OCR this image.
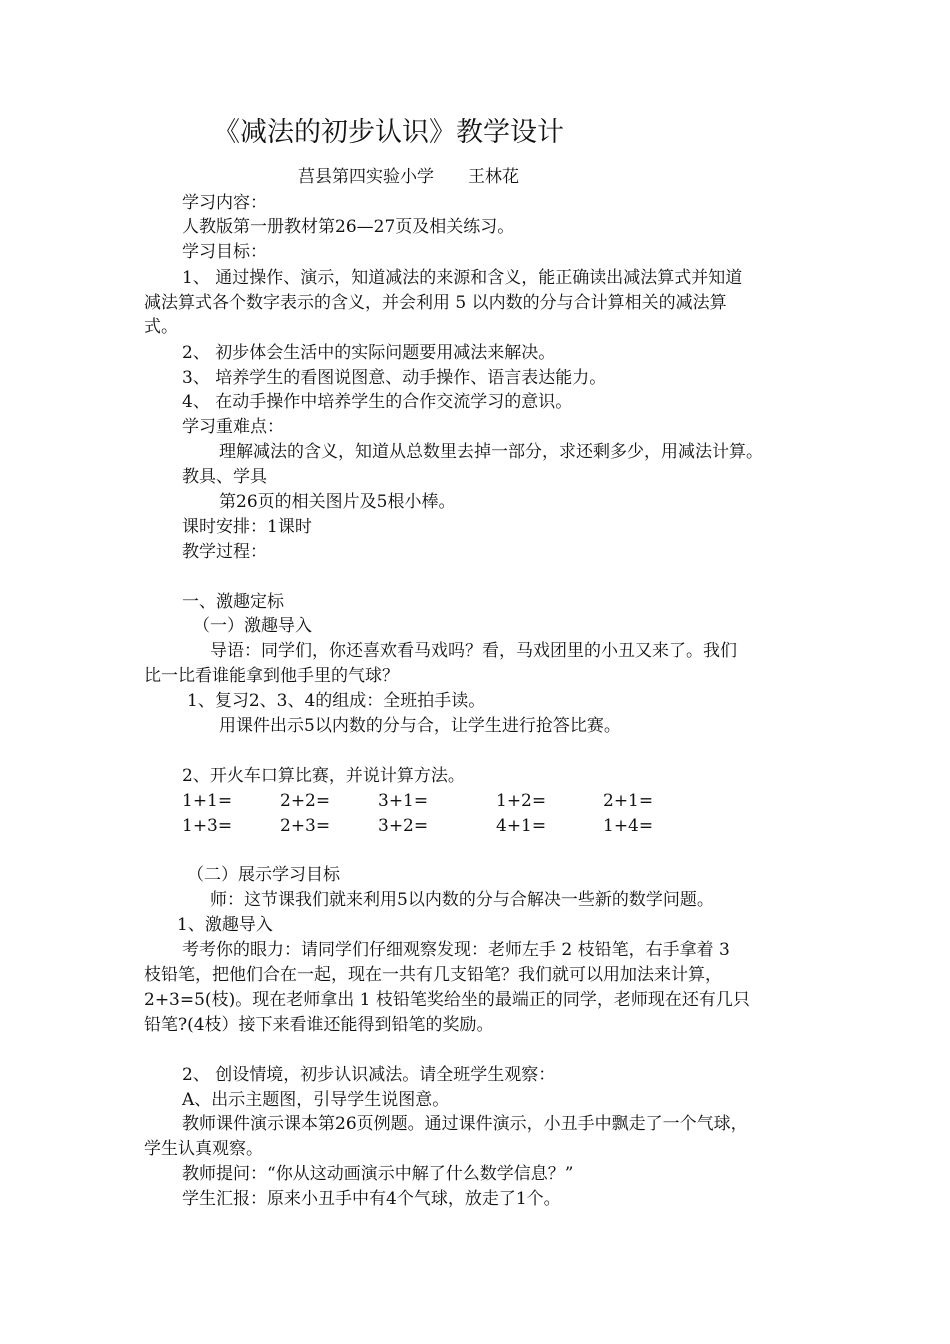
《减法的初步认识》教学设计
莒县第四实验小学　　王林花
学习内容：
人教版第一册教材第26—27页及相关练习。
学习目标：
1、 通过操作、演示，知道减法的来源和含义，能正确读出减法算式并知道
减法算式各个数字表示的含义，并会利用 5 以内数的分与合计算相关的减法算
式。
2、 初步体会生活中的实际问题要用减法来解决。
3、 培养学生的看图说图意、动手操作、语言表达能力。
4、 在动手操作中培养学生的合作交流学习的意识。
学习重难点：
理解减法的含义，知道从总数里去掉一部分，求还剩多少，用减法计算。
教具、学具
第26页的相关图片及5根小棒。
课时安排：1课时
教学过程：
一、激趣定标
（一）激趣导入
导语：同学们，你还喜欢看马戏吗？看，马戏团里的小丑又来了。我们
比一比看谁能拿到他手里的气球？
1、复习2、3、4的组成：全班拍手读。
用课件出示5以内数的分与合，让学生进行抢答比赛。
2、开火车口算比赛，并说计算方法。
1+1=	2+2=	3+1=	1+2=	2+1=
1+3=	2+3=	3+2=	4+1=	1+4=
（二）展示学习目标
师：这节课我们就来利用5以内数的分与合解决一些新的数学问题。
1、激趣导入
考考你的眼力：请同学们仔细观察发现：老师左手 2 枝铅笔，右手拿着 3
枝铅笔，把他们合在一起，现在一共有几支铅笔？我们就可以用加法来计算，
2+3=5(枝)。现在老师拿出 1 枝铅笔奖给坐的最端正的同学，老师现在还有几只
铅笔?(4枝）接下来看谁还能得到铅笔的奖励。
2、 创设情境，初步认识减法。请全班学生观察：
A、出示主题图，引导学生说图意。
教师课件演示课本第26页例题。通过课件演示，小丑手中飘走了一个气球，
学生认真观察。
教师提问：“你从这动画演示中解了什么数学信息？”
学生汇报：原来小丑手中有4个气球，放走了1个。
